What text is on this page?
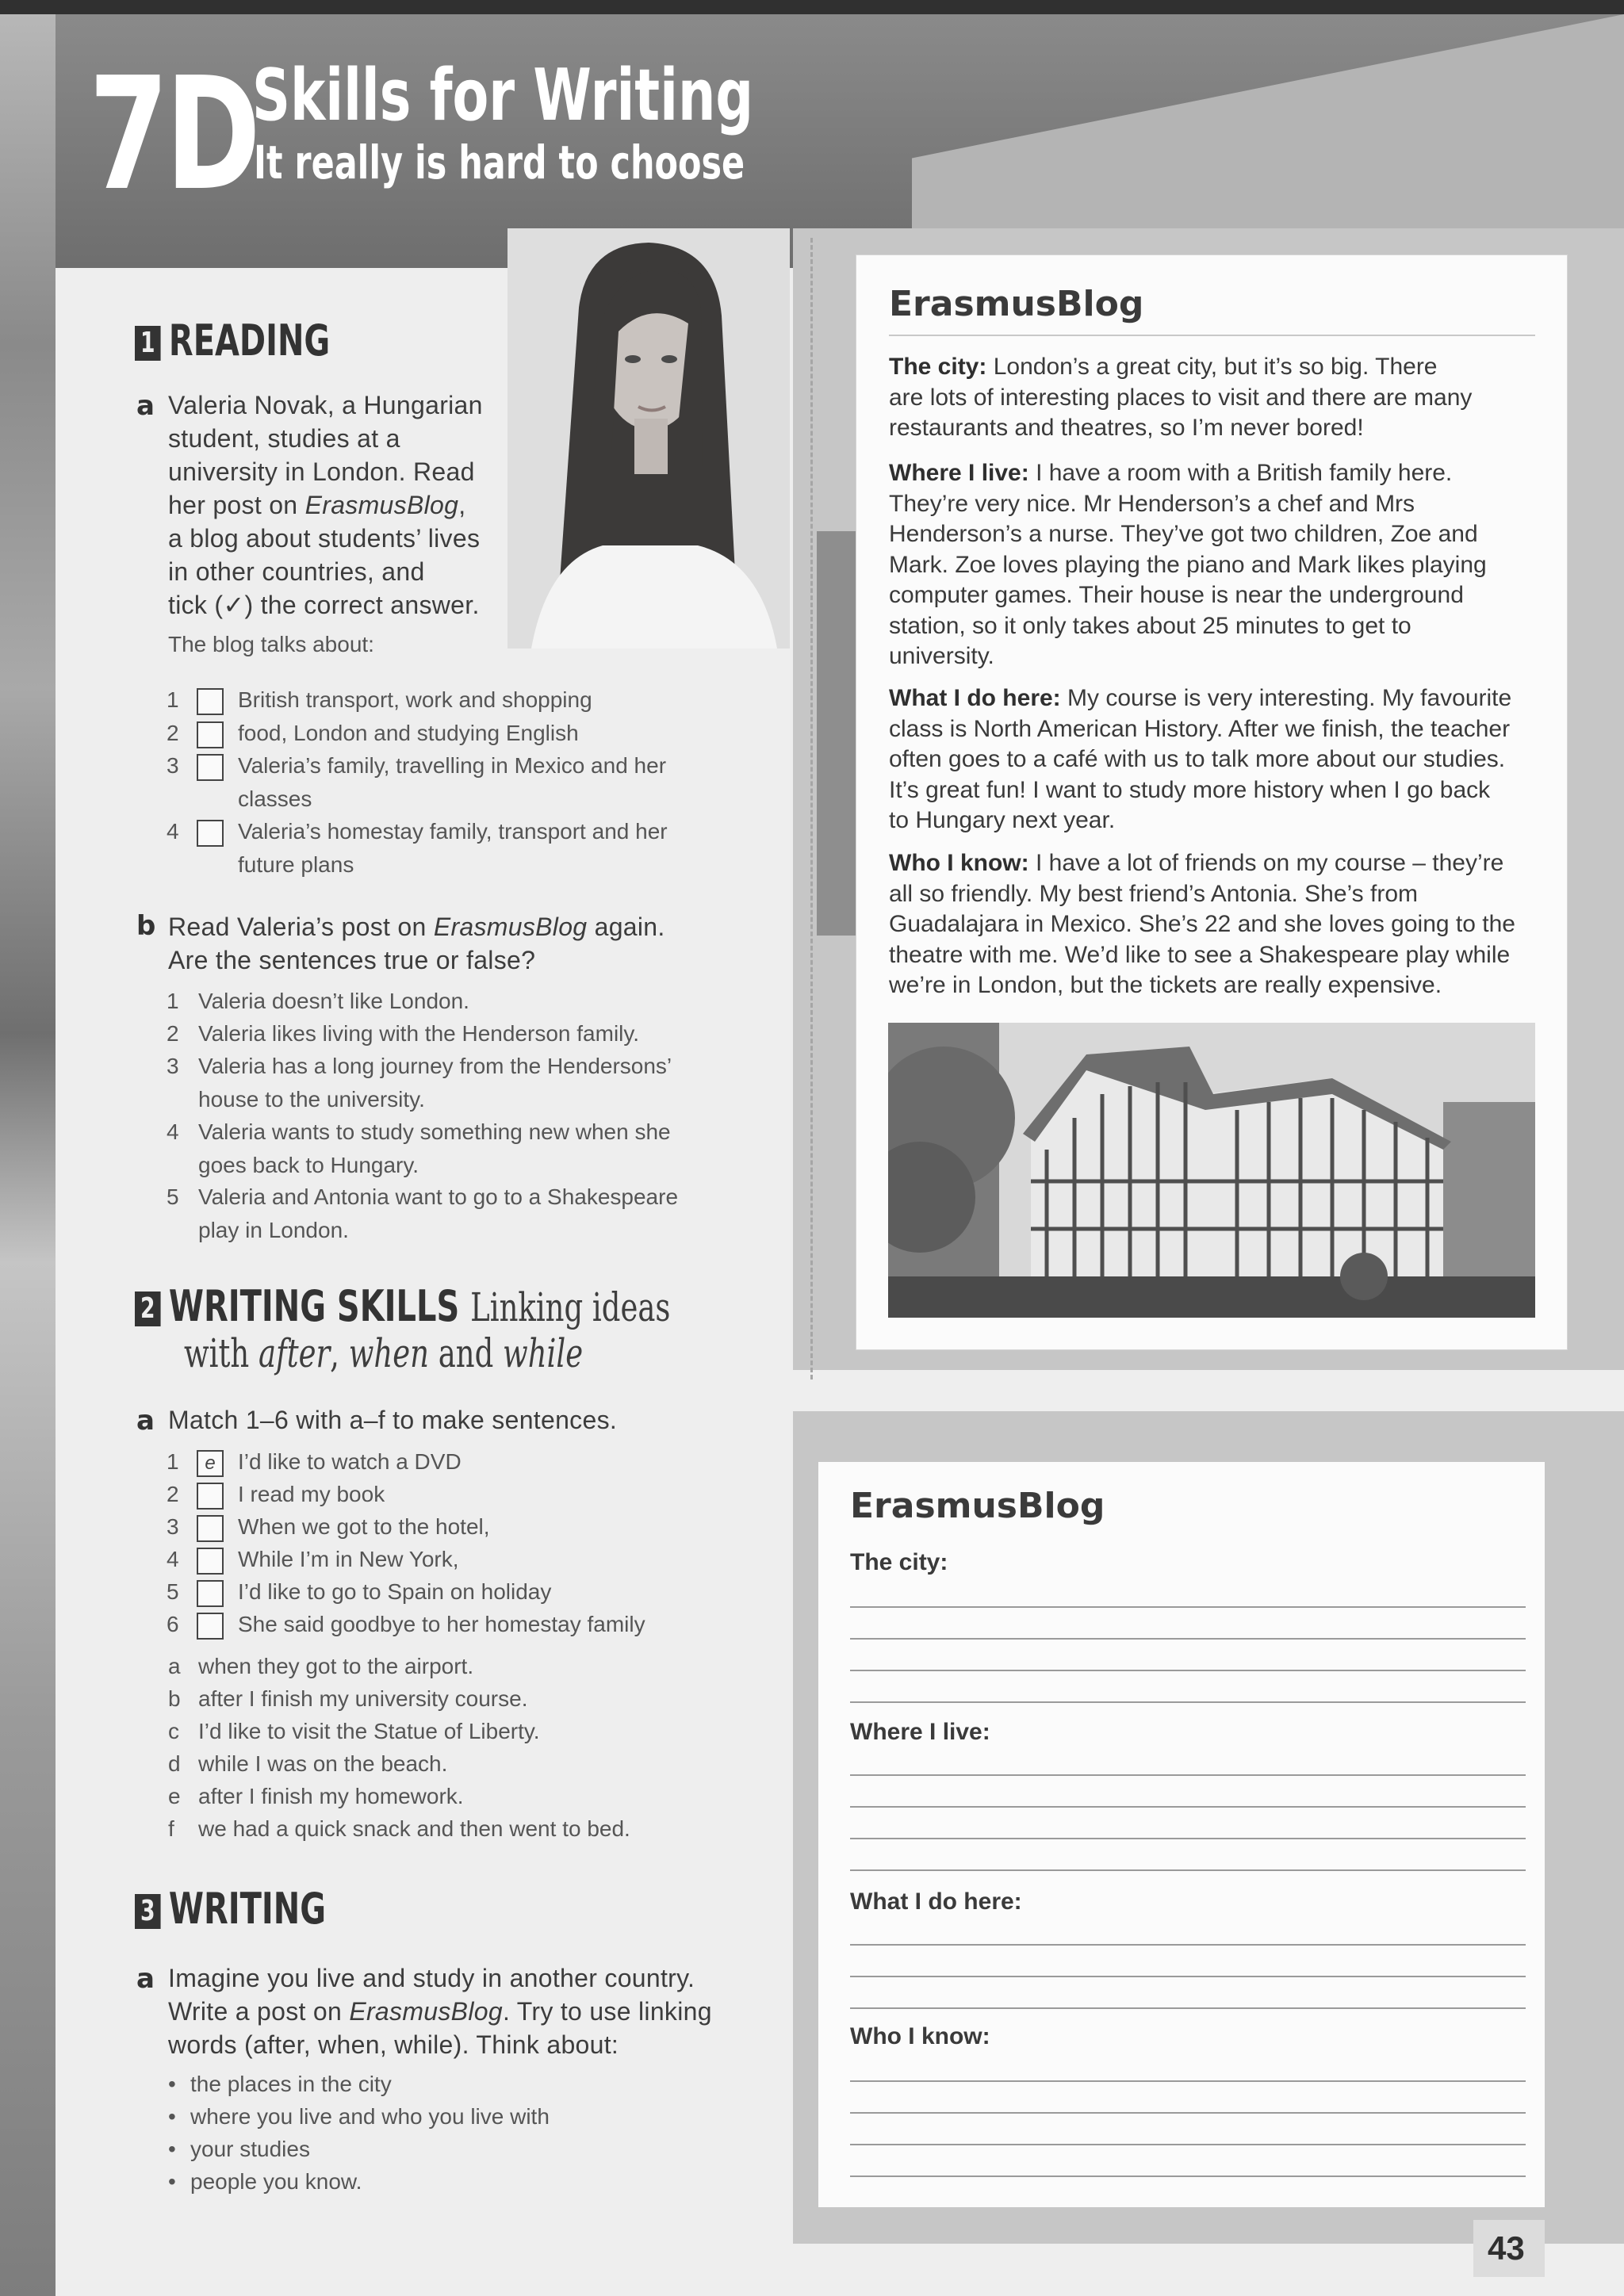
7D
Skills for Writing
It really is hard to choose
1 READING
a Valeria Novak, a Hungarian
student, studies at a
university in London. Read
her post on ErasmusBlog,
a blog about students’ lives
in other countries, and
tick (✓) the correct answer.
The blog talks about:
1	British transport, work and shopping
2	food, London and studying English
3	Valeria’s family, travelling in Mexico and her
classes
4	Valeria’s homestay family, transport and her
future plans
b Read Valeria’s post on ErasmusBlog again.
Are the sentences true or false?
1 Valeria doesn’t like London.
2 Valeria likes living with the Henderson family.
3 Valeria has a long journey from the Hendersons’
house to the university.
4 Valeria wants to study something new when she
goes back to Hungary.
5 Valeria and Antonia want to go to a Shakespeare
play in London.
2 WRITING SKILLS Linking ideas
with after, when and while
a Match 1–6 with a–f to make sentences.
1	e	I’d like to watch a DVD
2	I read my book
3	When we got to the hotel,
4	While I’m in New York,
5	I’d like to go to Spain on holiday
6	She said goodbye to her homestay family
a when they got to the airport.
b after I finish my university course.
c I’d like to visit the Statue of Liberty.
d while I was on the beach.
e after I finish my homework.
f	we had a quick snack and then went to bed.
3 WRITING
a Imagine you live and study in another country.
Write a post on ErasmusBlog. Try to use linking
words (after, when, while). Think about:
• the places in the city
• where you live and who you live with
• your studies
• people you know.
ErasmusBlog
The city: London’s a great city, but it’s so big. There
are lots of interesting places to visit and there are many
restaurants and theatres, so I’m never bored!
Where I live: I have a room with a British family here.
They’re very nice. Mr Henderson’s a chef and Mrs
Henderson’s a nurse. They’ve got two children, Zoe and
Mark. Zoe loves playing the piano and Mark likes playing
computer games. Their house is near the underground
station, so it only takes about 25 minutes to get to
university.
What I do here: My course is very interesting. My favourite
class is North American History. After we finish, the teacher
often goes to a café with us to talk more about our studies.
It’s great fun! I want to study more history when I go back
to Hungary next year.
Who I know: I have a lot of friends on my course – they’re
all so friendly. My best friend’s Antonia. She’s from
Guadalajara in Mexico. She’s 22 and she loves going to the
theatre with me. We’d like to see a Shakespeare play while
we’re in London, but the tickets are really expensive.
ErasmusBlog
The city:
Where I live:
What I do here:
Who I know:
43
